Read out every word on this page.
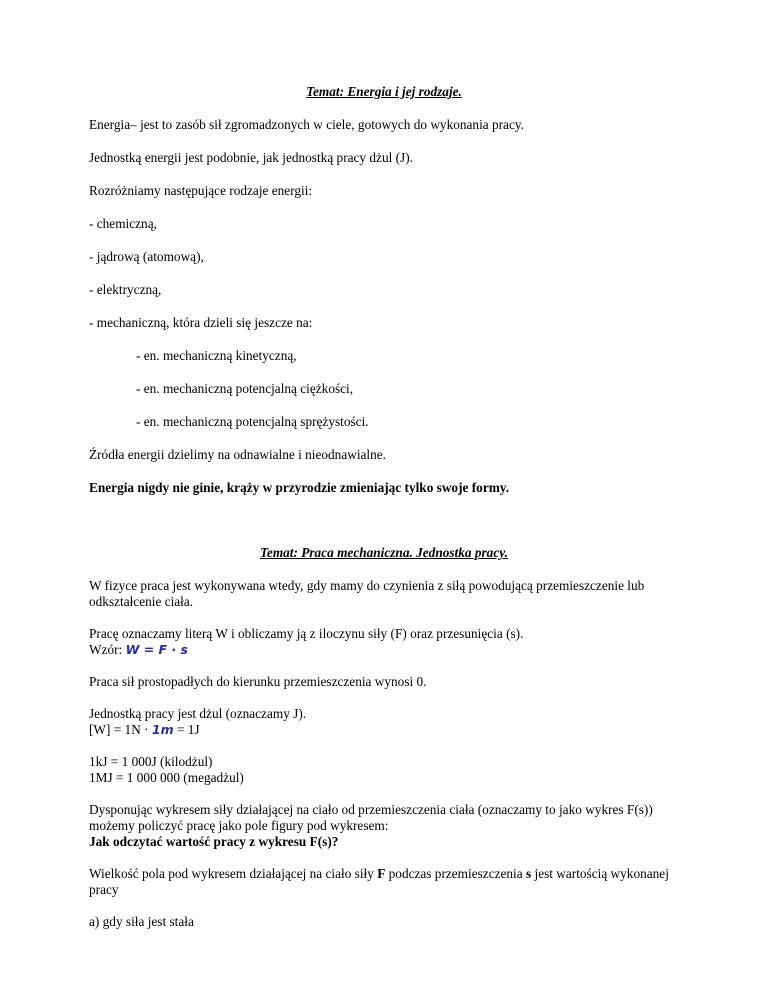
Temat: Energia i jej rodzaje.
Energia– jest to zasób sił zgromadzonych w ciele, gotowych do wykonania pracy.
Jednostką energii jest podobnie, jak jednostką pracy dżul (J).
Rozróżniamy następujące rodzaje energii:
- chemiczną,
- jądrową (atomową),
- elektryczną,
- mechaniczną, która dzieli się jeszcze na:
- en. mechaniczną kinetyczną,
- en. mechaniczną potencjalną ciężkości,
- en. mechaniczną potencjalną sprężystości.
Źródła energii dzielimy na odnawialne i nieodnawialne.
Energia nigdy nie ginie, krąży w przyrodzie zmieniając tylko swoje formy.
Temat: Praca mechaniczna. Jednostka pracy.
W fizyce praca jest wykonywana wtedy, gdy mamy do czynienia z siłą powodującą przemieszczenie lub
odkształcenie ciała.
Pracę oznaczamy literą W i obliczamy ją z iloczynu siły (F) oraz przesunięcia (s).
Wzór: W = F · s
Praca sił prostopadłych do kierunku przemieszczenia wynosi 0.
Jednostką pracy jest dżul (oznaczamy J).
[W] = 1N · 1m = 1J
1kJ = 1 000J (kilodżul)
1MJ = 1 000 000 (megadżul)
Dysponując wykresem siły działającej na ciało od przemieszczenia ciała (oznaczamy to jako wykres F(s))
możemy policzyć pracę jako pole figury pod wykresem:
Jak odczytać wartość pracy z wykresu F(s)?
Wielkość pola pod wykresem działającej na ciało siły F podczas przemieszczenia s jest wartością wykonanej
pracy
a) gdy siła jest stała
